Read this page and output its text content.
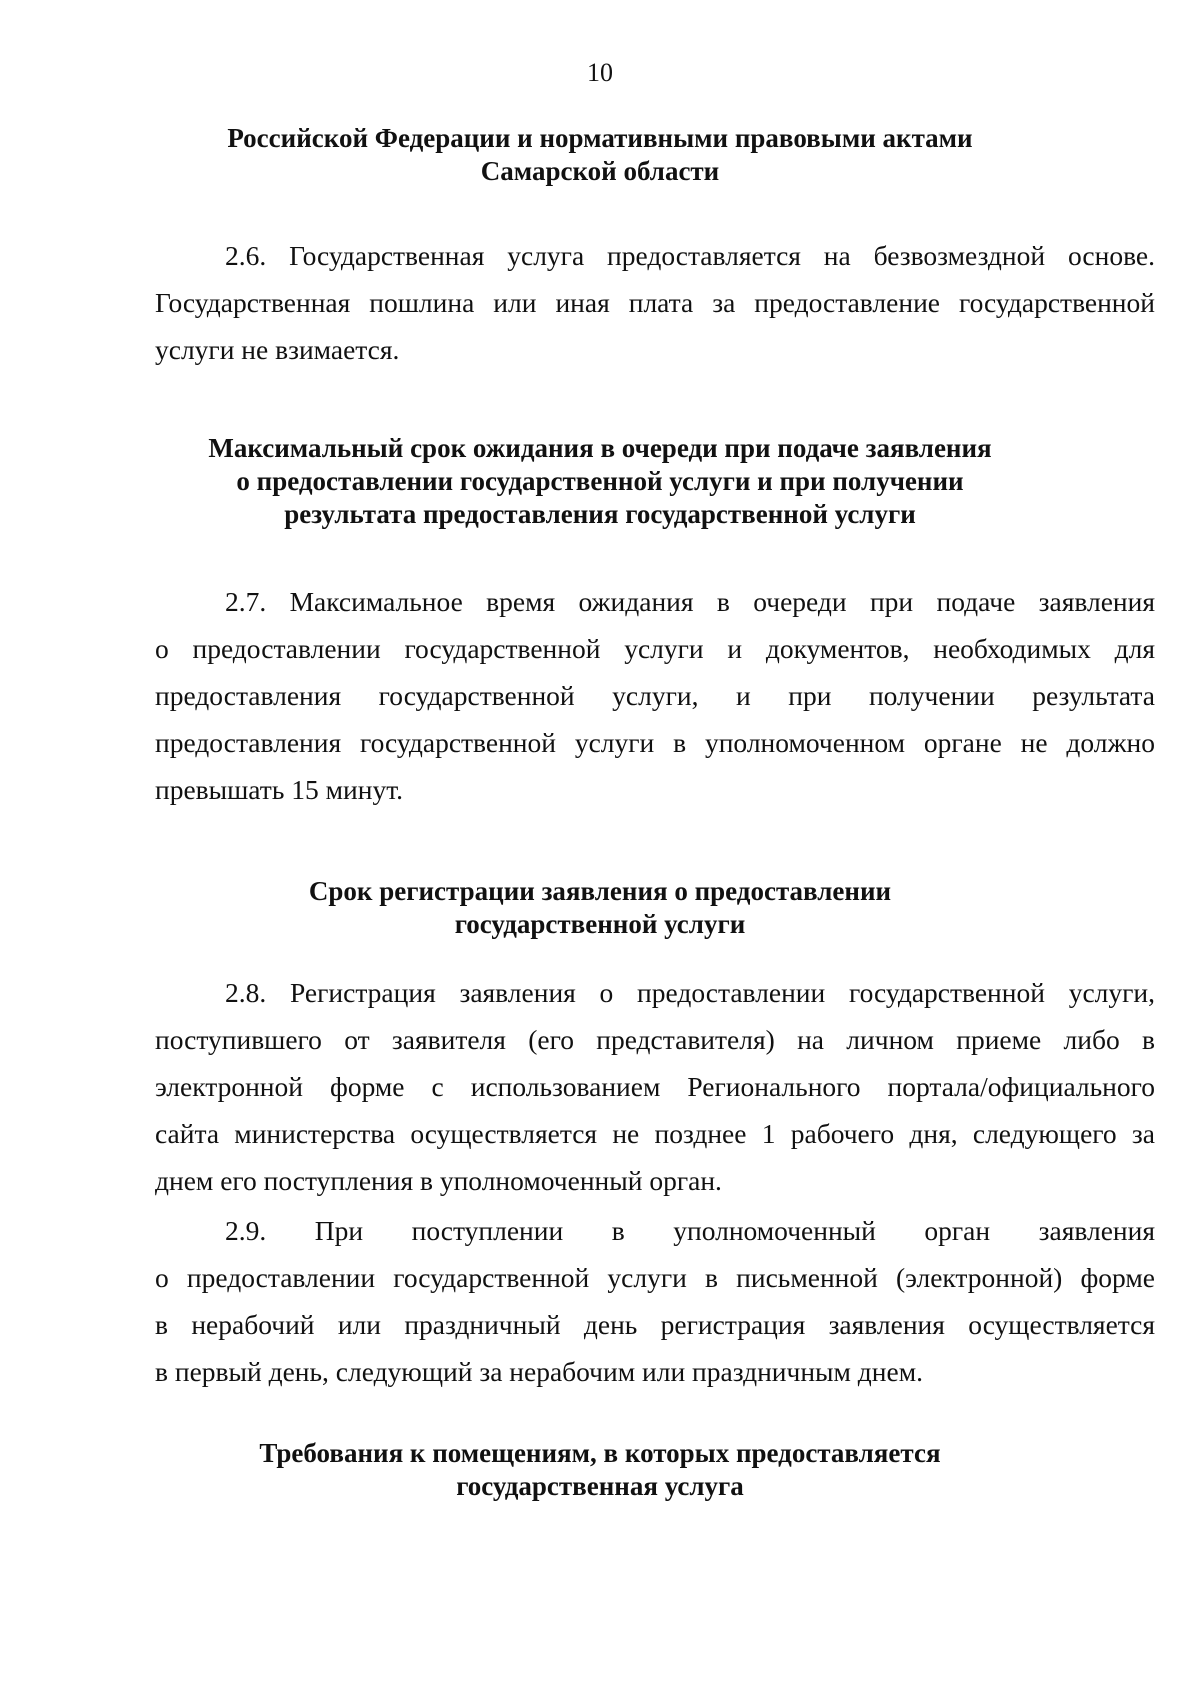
10
Российской Федерации и нормативными правовыми актами
Самарской области
2.6. Государственная услуга предоставляется на безвозмездной основе.
Государственная пошлина или иная плата за предоставление государственной
услуги не взимается.
Максимальный срок ожидания в очереди при подаче заявления
о предоставлении государственной услуги и при получении
результата предоставления государственной услуги
2.7. Максимальное время ожидания в очереди при подаче заявления
о предоставлении государственной услуги и документов, необходимых для
предоставления государственной услуги, и при получении результата
предоставления государственной услуги в уполномоченном органе не должно
превышать 15 минут.
Срок регистрации заявления о предоставлении
государственной услуги
2.8. Регистрация заявления о предоставлении государственной услуги,
поступившего от заявителя (его представителя) на личном приеме либо в
электронной форме с использованием Регионального портала/официального
сайта министерства осуществляется не позднее 1 рабочего дня, следующего за
днем его поступления в уполномоченный орган.
2.9. При поступлении в уполномоченный орган заявления
о предоставлении государственной услуги в письменной (электронной) форме
в нерабочий или праздничный день регистрация заявления осуществляется
в первый день, следующий за нерабочим или праздничным днем.
Требования к помещениям, в которых предоставляется
государственная услуга
